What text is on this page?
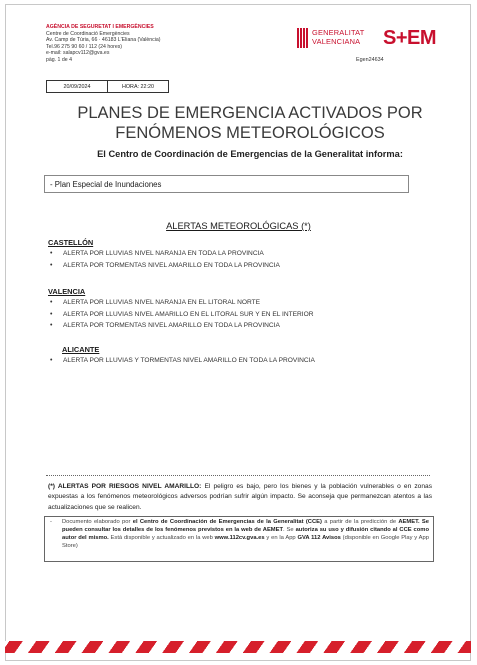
AGÈNCIA DE SEGURETAT I EMERGÈNCIES
Centre de Coordinació Emergències
Av. Camp de Túria, 66 · 46183 L'Eliana (València)
Tel.96 275 90 60 / 112 (24 hores)
e-mail: salapcv112@gva.es
pàg. 1 de 4
GENERALITAT
VALENCIANA S+EM
Egen24634
20/09/2024	HORA: 22:20
PLANES DE EMERGENCIA ACTIVADOS POR
FENÓMENOS METEOROLÓGICOS
El Centro de Coordinación de Emergencias de la Generalitat informa:
- Plan Especial de Inundaciones
ALERTAS METEOROLÓGICAS (*)
CASTELLÓN
• ALERTA POR LLUVIAS NIVEL NARANJA EN TODA LA PROVINCIA
• ALERTA POR TORMENTAS NIVEL AMARILLO EN TODA LA PROVINCIA
VALENCIA
• ALERTA POR LLUVIAS NIVEL NARANJA EN EL LITORAL NORTE
• ALERTA POR LLUVIAS NIVEL AMARILLO EN EL LITORAL SUR Y EN EL INTERIOR
• ALERTA POR TORMENTAS NIVEL AMARILLO EN TODA LA PROVINCIA
ALICANTE
• ALERTA POR LLUVIAS Y TORMENTAS NIVEL AMARILLO EN TODA LA PROVINCIA
(*) ALERTAS POR RIESGOS NIVEL AMARILLO: El peligro es bajo, pero los bienes y la población vulnerables o en zonas expuestas a los fenómenos meteorológicos adversos podrían sufrir algún impacto. Se aconseja que permanezcan atentos a las actualizaciones que se realicen.
- Documento elaborado por el Centro de Coordinación de Emergencias de la Generalitat (CCE) a partir de la predicción de AEMET. Se pueden consultar los detalles de los fenómenos previstos en la web de AEMET. Se autoriza su uso y difusión citando al CCE como autor del mismo. Está disponible y actualizado en la web www.112cv.gva.es y en la App GVA 112 Avisos (disponible en Google Play y App Store)
